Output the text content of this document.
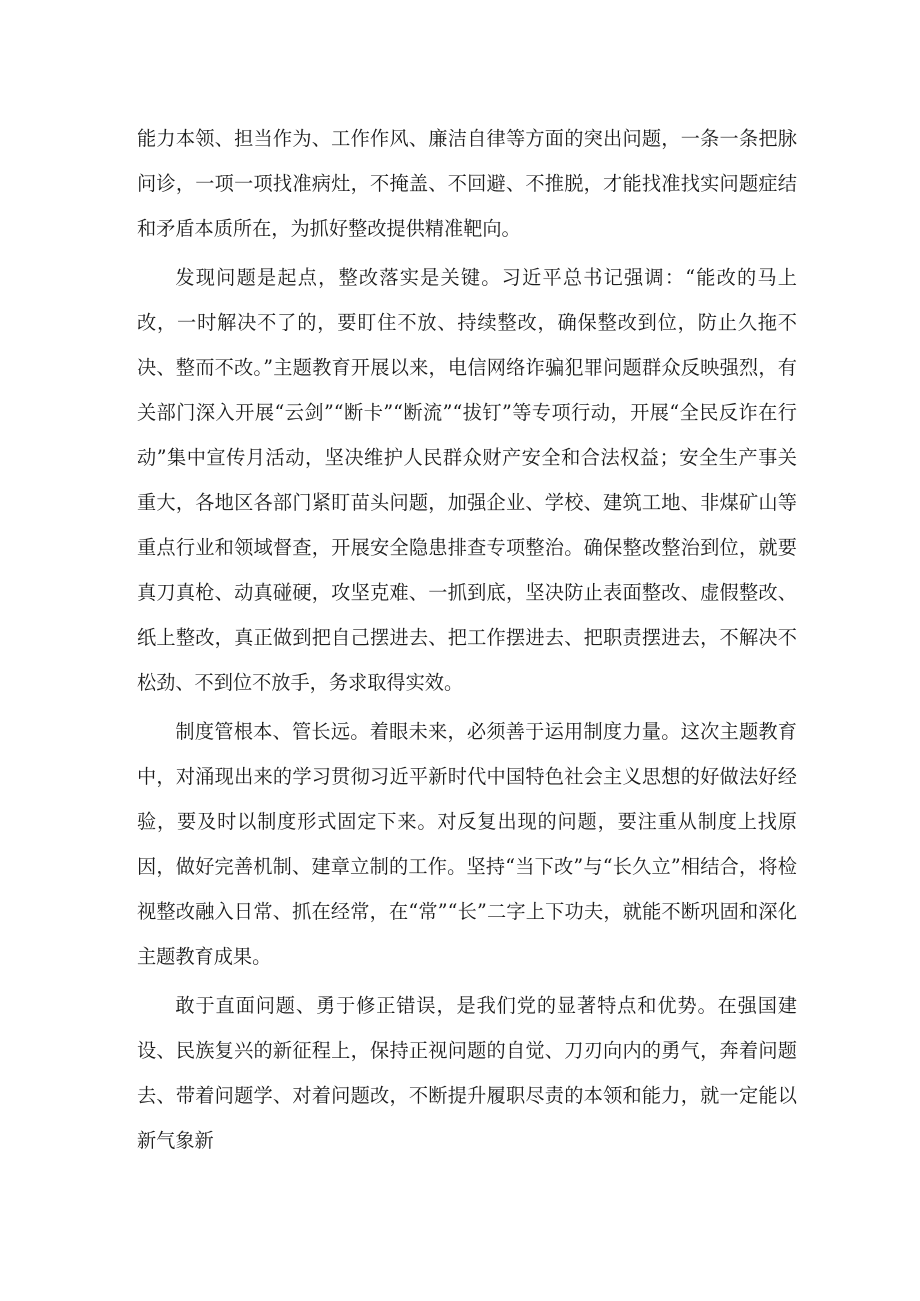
能力本领、担当作为、工作作风、廉洁自律等方面的突出问题，一条一条把脉问诊，一项一项找准病灶，不掩盖、不回避、不推脱，才能找准找实问题症结和矛盾本质所在，为抓好整改提供精准靶向。

发现问题是起点，整改落实是关键。习近平总书记强调：“能改的马上改，一时解决不了的，要盯住不放、持续整改，确保整改到位，防止久拖不决、整而不改。”主题教育开展以来，电信网络诈骗犯罪问题群众反映强烈，有关部门深入开展“云剑”“断卡”“断流”“拔钉”等专项行动，开展“全民反诈在行动”集中宣传月活动，坚决维护人民群众财产安全和合法权益；安全生产事关重大，各地区各部门紧盯苗头问题，加强企业、学校、建筑工地、非煤矿山等重点行业和领域督查，开展安全隐患排查专项整治。确保整改整治到位，就要真刀真枪、动真碰硬，攻坚克难、一抓到底，坚决防止表面整改、虚假整改、纸上整改，真正做到把自己摆进去、把工作摆进去、把职责摆进去，不解决不松劲、不到位不放手，务求取得实效。

制度管根本、管长远。着眼未来，必须善于运用制度力量。这次主题教育中，对涌现出来的学习贯彻习近平新时代中国特色社会主义思想的好做法好经验，要及时以制度形式固定下来。对反复出现的问题，要注重从制度上找原因，做好完善机制、建章立制的工作。坚持“当下改”与“长久立”相结合，将检视整改融入日常、抓在经常，在“常”“长”二字上下功夫，就能不断巩固和深化主题教育成果。

敢于直面问题、勇于修正错误，是我们党的显著特点和优势。在强国建设、民族复兴的新征程上，保持正视问题的自觉、刀刃向内的勇气，奔着问题去、带着问题学、对着问题改，不断提升履职尽责的本领和能力，就一定能以新气象新
